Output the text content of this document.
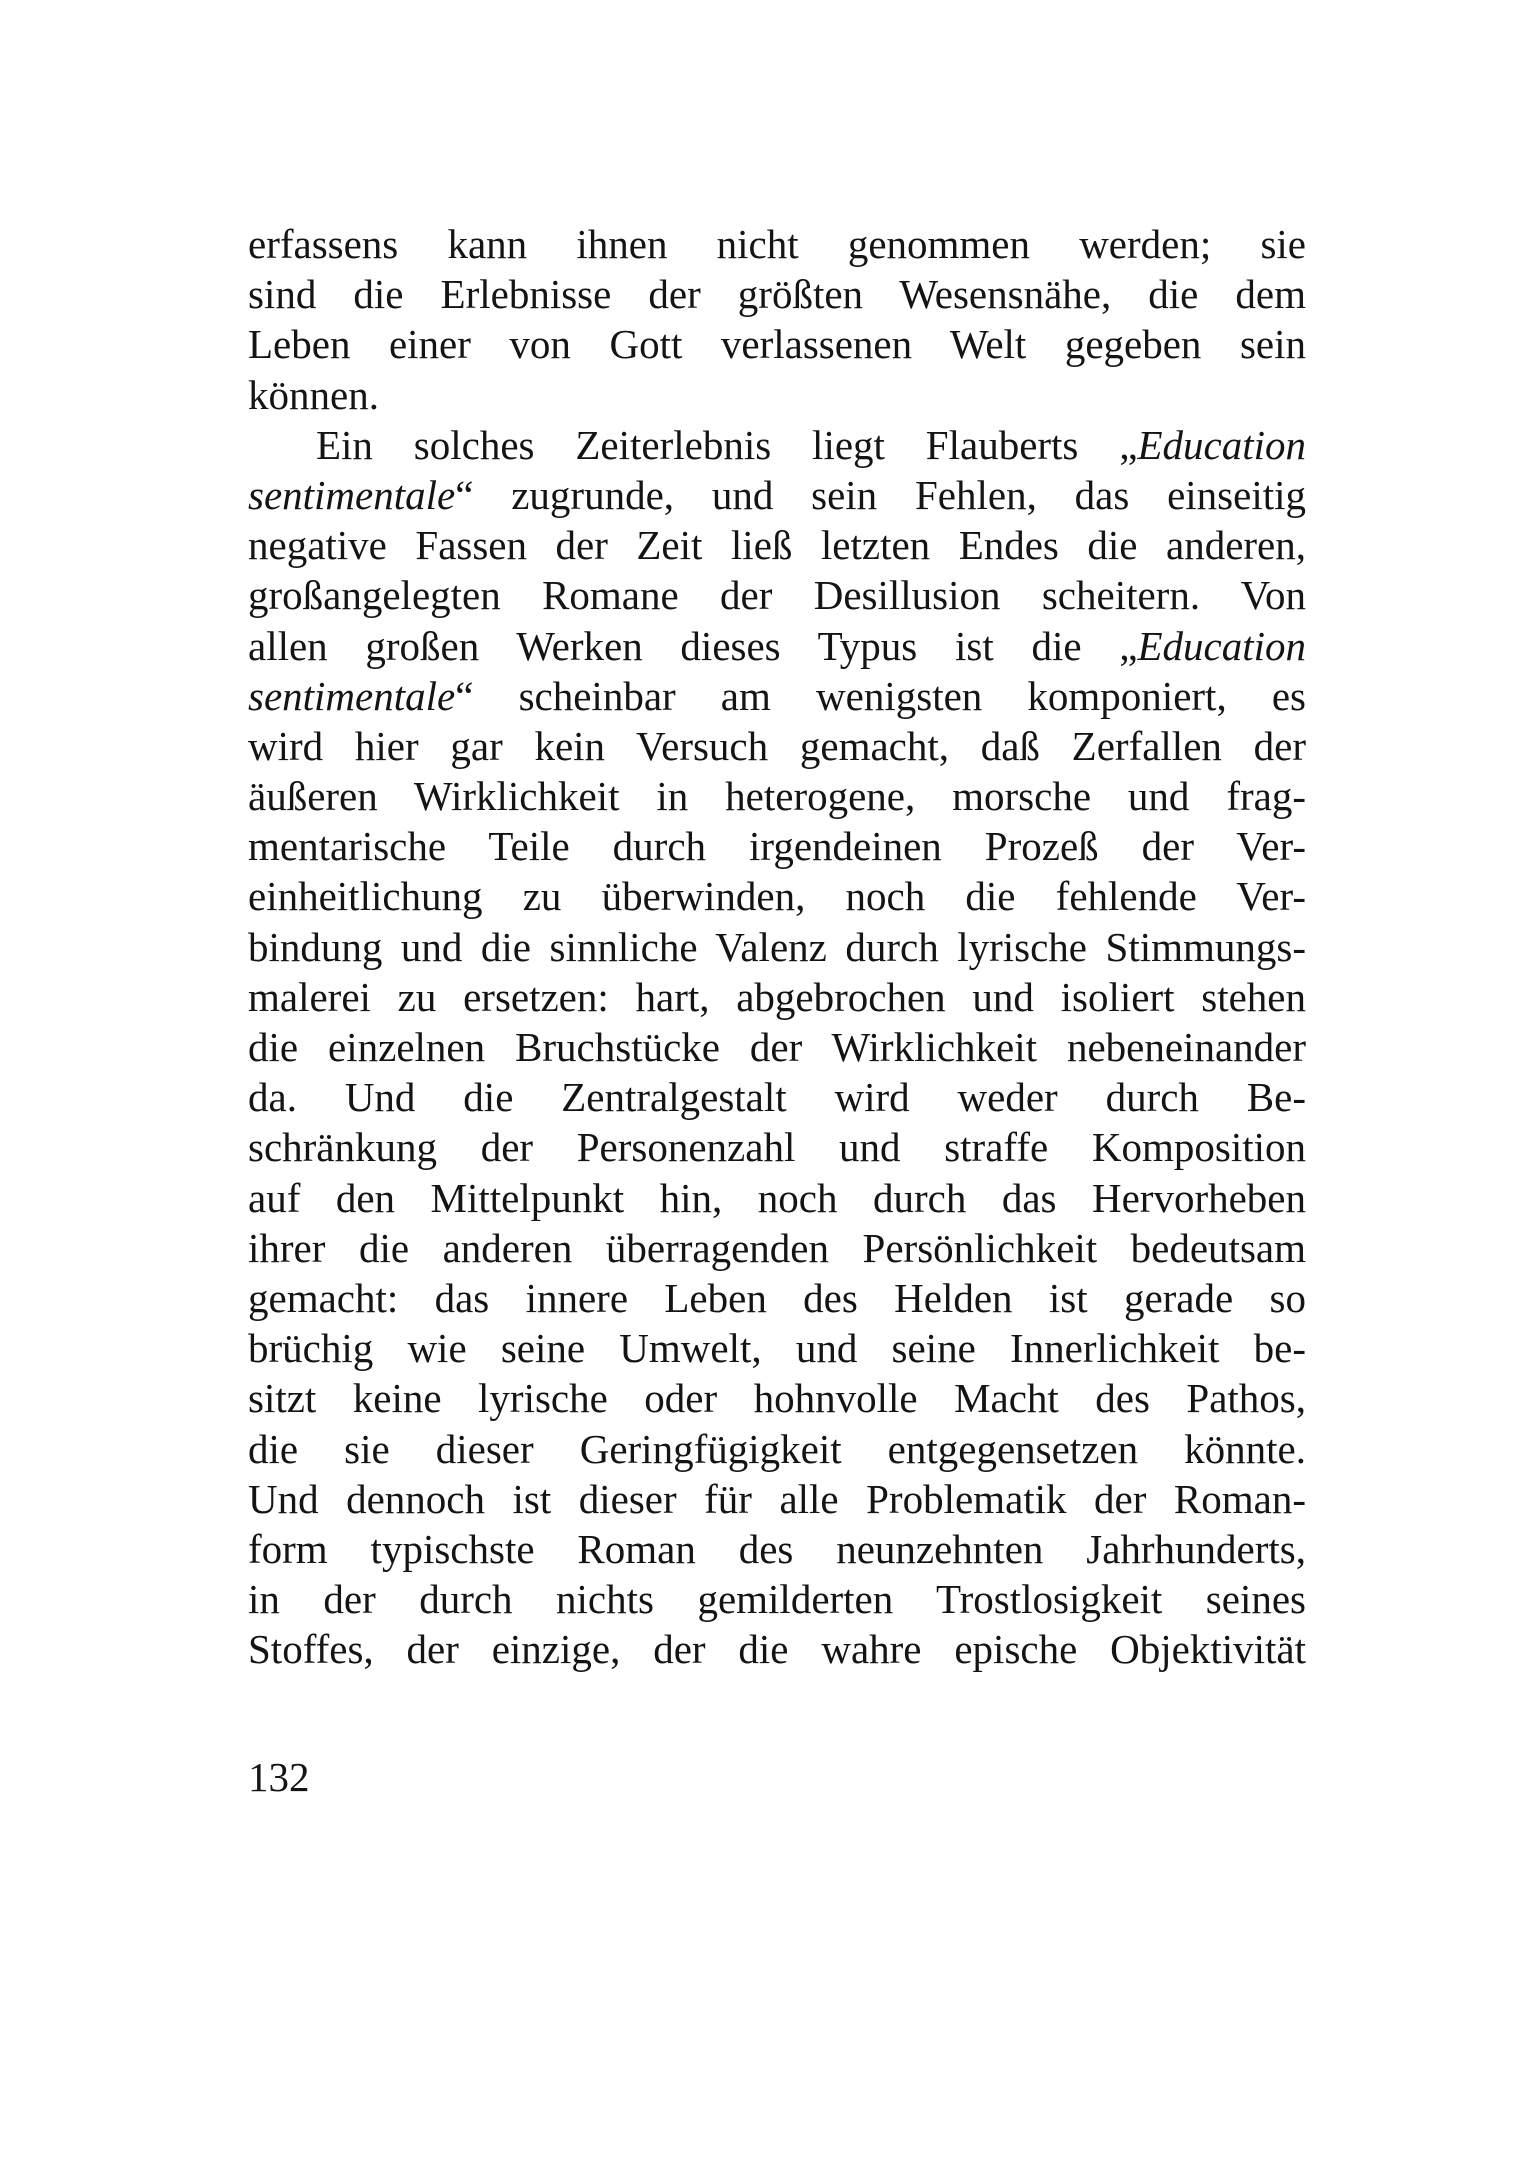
erfassens kann ihnen nicht genommen werden; sie
sind die Erlebnisse der größten Wesensnähe, die dem
Leben einer von Gott verlassenen Welt gegeben sein
können.
Ein solches Zeiterlebnis liegt Flauberts „Education
sentimentale“ zugrunde, und sein Fehlen, das einseitig
negative Fassen der Zeit ließ letzten Endes die anderen,
großangelegten Romane der Desillusion scheitern. Von
allen großen Werken dieses Typus ist die „Education
sentimentale“ scheinbar am wenigsten komponiert, es
wird hier gar kein Versuch gemacht, daß Zerfallen der
äußeren Wirklichkeit in heterogene, morsche und frag-
mentarische Teile durch irgendeinen Prozeß der Ver-
einheitlichung zu überwinden, noch die fehlende Ver-
bindung und die sinnliche Valenz durch lyrische Stimmungs-
malerei zu ersetzen: hart, abgebrochen und isoliert stehen
die einzelnen Bruchstücke der Wirklichkeit nebeneinander
da. Und die Zentralgestalt wird weder durch Be-
schränkung der Personenzahl und straffe Komposition
auf den Mittelpunkt hin, noch durch das Hervorheben
ihrer die anderen überragenden Persönlichkeit bedeutsam
gemacht: das innere Leben des Helden ist gerade so
brüchig wie seine Umwelt, und seine Innerlichkeit be-
sitzt keine lyrische oder hohnvolle Macht des Pathos,
die sie dieser Geringfügigkeit entgegensetzen könnte.
Und dennoch ist dieser für alle Problematik der Roman-
form typischste Roman des neunzehnten Jahrhunderts,
in der durch nichts gemilderten Trostlosigkeit seines
Stoffes, der einzige, der die wahre epische Objektivität
132
